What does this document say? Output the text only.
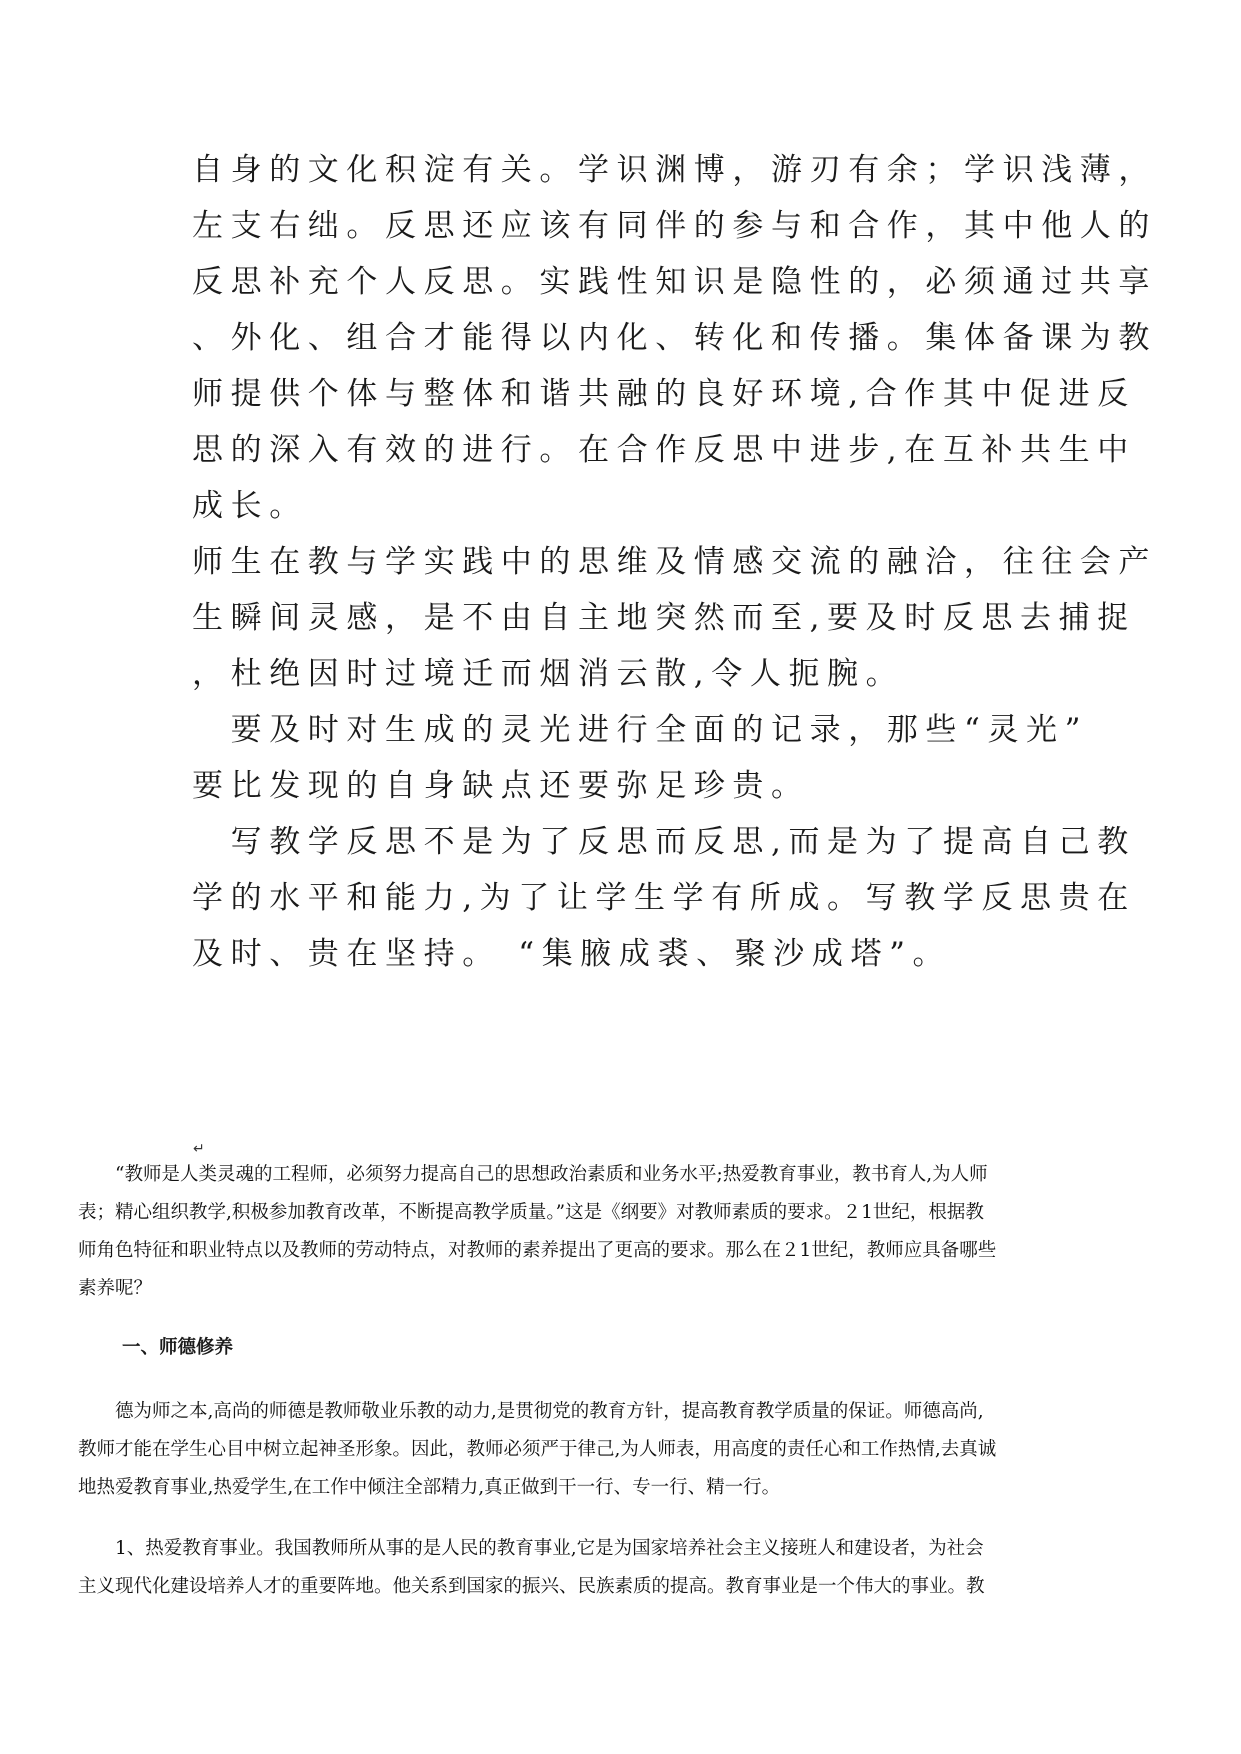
自身的文化积淀有关。学识渊博，游刃有余；学识浅薄，

左支右绌。反思还应该有同伴的参与和合作，其中他人的

反思补充个人反思。实践性知识是隐性的，必须通过共享

、外化、组合才能得以内化、转化和传播。集体备课为教

师提供个体与整体和谐共融的良好环境,合作其中促进反

思的深入有效的进行。在合作反思中进步,在互补共生中

成长。

师生在教与学实践中的思维及情感交流的融洽，往往会产

生瞬间灵感，是不由自主地突然而至,要及时反思去捕捉

，杜绝因时过境迁而烟消云散,令人扼腕。

　要及时对生成的灵光进行全面的记录，那些“灵光”

要比发现的自身缺点还要弥足珍贵。

　写教学反思不是为了反思而反思,而是为了提高自己教

学的水平和能力,为了让学生学有所成。写教学反思贵在

及时、贵在坚持。 “集腋成裘、聚沙成塔”。

↵
　　“教师是人类灵魂的工程师，必须努力提高自己的思想政治素质和业务水平;热爱教育事业，教书育人,为人师
表；精心组织教学,积极参加教育改革，不断提高教学质量。”这是《纲要》对教师素质的要求。２1世纪，根据教
师角色特征和职业特点以及教师的劳动特点，对教师的素养提出了更高的要求。那么在２1世纪，教师应具备哪些
素养呢？
一、师德修养
　　德为师之本,高尚的师德是教师敬业乐教的动力,是贯彻党的教育方针，提高教育教学质量的保证。师德高尚,
教师才能在学生心目中树立起神圣形象。因此，教师必须严于律己,为人师表，用高度的责任心和工作热情,去真诚
地热爱教育事业,热爱学生,在工作中倾注全部精力,真正做到干一行、专一行、精一行。
　　1、热爱教育事业。我国教师所从事的是人民的教育事业,它是为国家培养社会主义接班人和建设者，为社会
主义现代化建设培养人才的重要阵地。他关系到国家的振兴、民族素质的提高。教育事业是一个伟大的事业。教
